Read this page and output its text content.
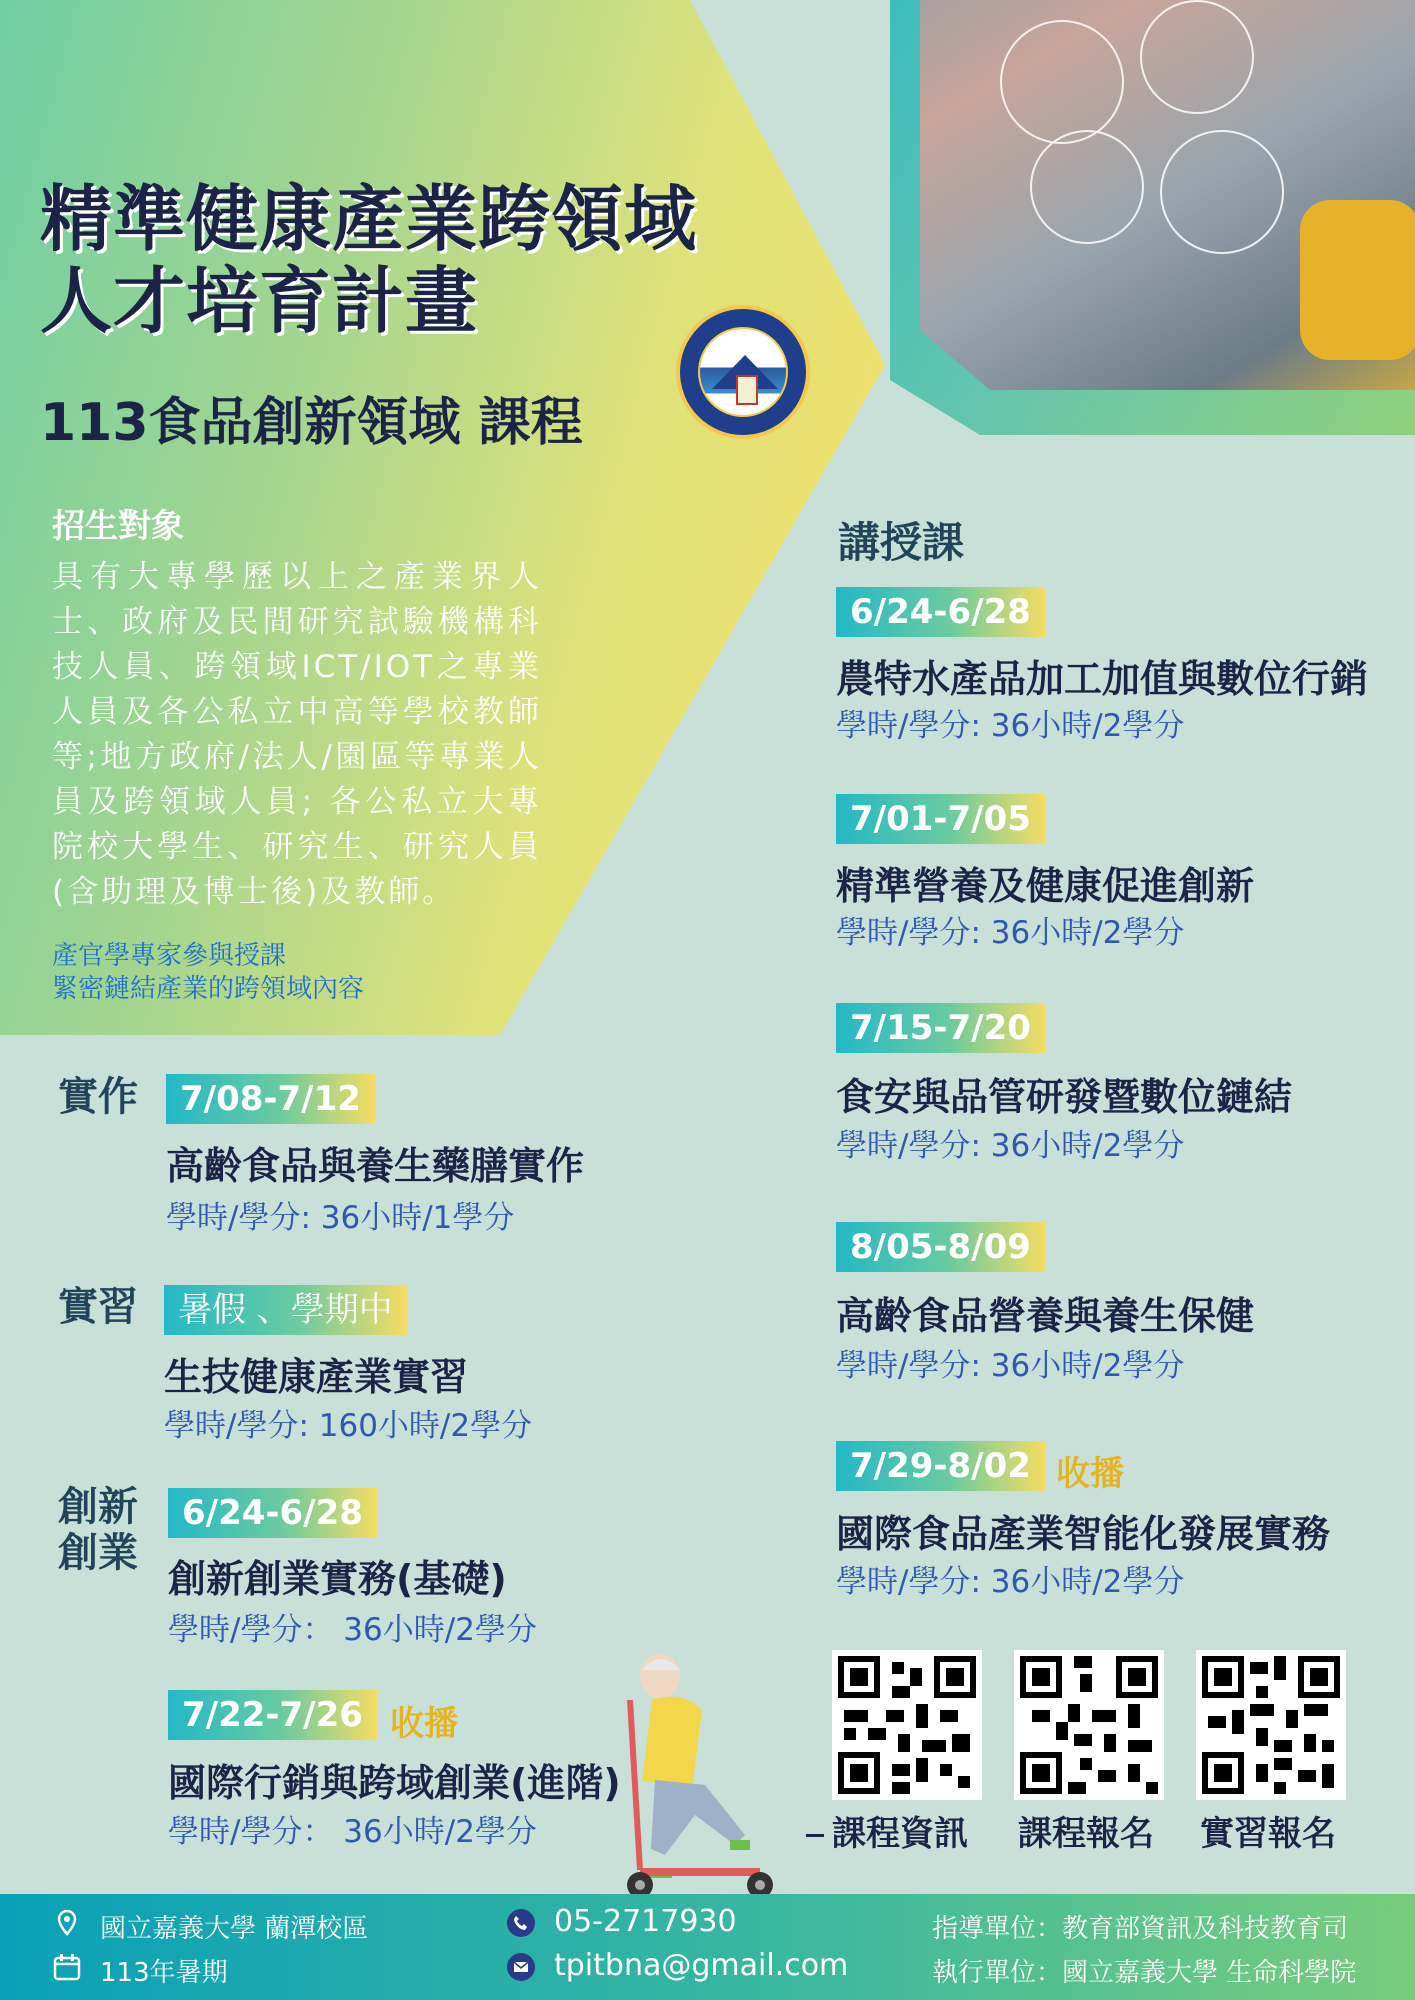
精準健康產業跨領域
人才培育計畫
113食品創新領域 課程
招生對象

具有大專學歷以上之產業界人士、政府及民間研究試驗機構科技人員、跨領域ICT/IOT之專業人員及各公私立中高等學校教師等;地方政府/法人/園區等專業人員及跨領域人員; 各公私立大專院校大學生、研究生、研究人員(含助理及博士後)及教師。

產官學專家參與授課
緊密鏈結產業的跨領域內容
實作	7/08-7/12
高齡食品與養生藥膳實作
學時/學分: 36小時/1學分
實習	暑假 、學期中
生技健康產業實習
學時/學分: 160小時/2學分
創新
創業
6/24-6/28
創新創業實務(基礎)
學時/學分： 36小時/2學分
7/22-7/26 收播
國際行銷與跨域創業(進階)
學時/學分： 36小時/2學分
講授課
6/24-6/28
農特水產品加工加值與數位行銷
學時/學分: 36小時/2學分
7/01-7/05
精準營養及健康促進創新
學時/學分: 36小時/2學分
7/15-7/20
食安與品管研發暨數位鏈結
學時/學分: 36小時/2學分
8/05-8/09
高齡食品營養與養生保健
學時/學分: 36小時/2學分
7/29-8/02 收播
國際食品產業智能化發展實務
學時/學分: 36小時/2學分
課程資訊 課程報名 實習報名
國立嘉義大學 蘭潭校區
113年暑期
05-2717930
tpitbna@gmail.com
指導單位：教育部資訊及科技教育司
執行單位：國立嘉義大學 生命科學院
